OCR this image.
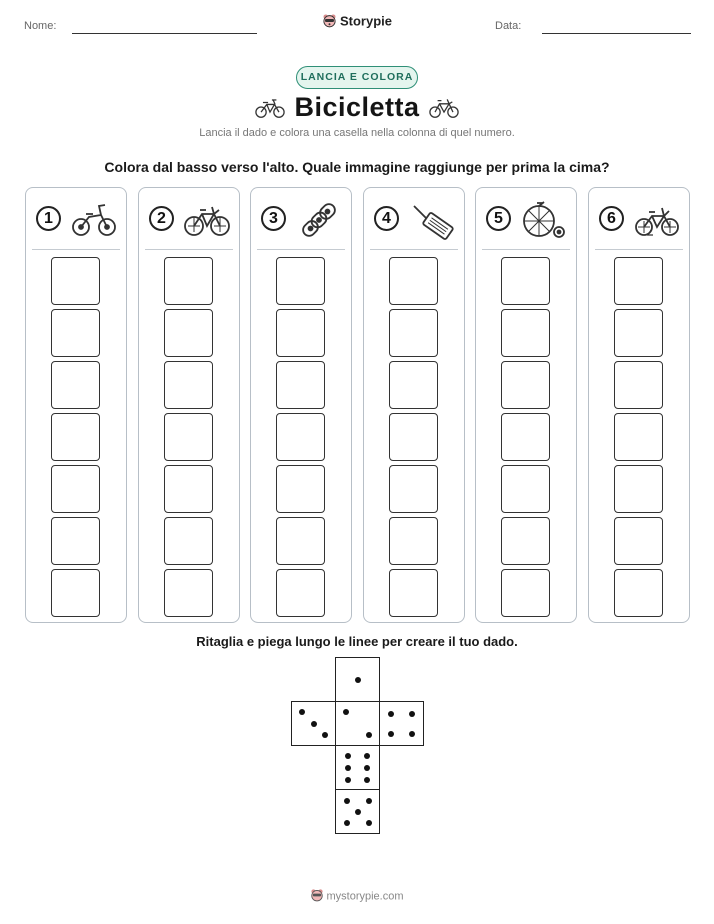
Nome:	Storypie	Data:
LANCIA E COLORA
Bicicletta
Lancia il dado e colora una casella nella colonna di quel numero.
Colora dal basso verso l'alto. Quale immagine raggiunge per prima la cima?
1	2	3	4	5	6
Ritaglia e piega lungo le linee per creare il tuo dado.
mystorypie.com
